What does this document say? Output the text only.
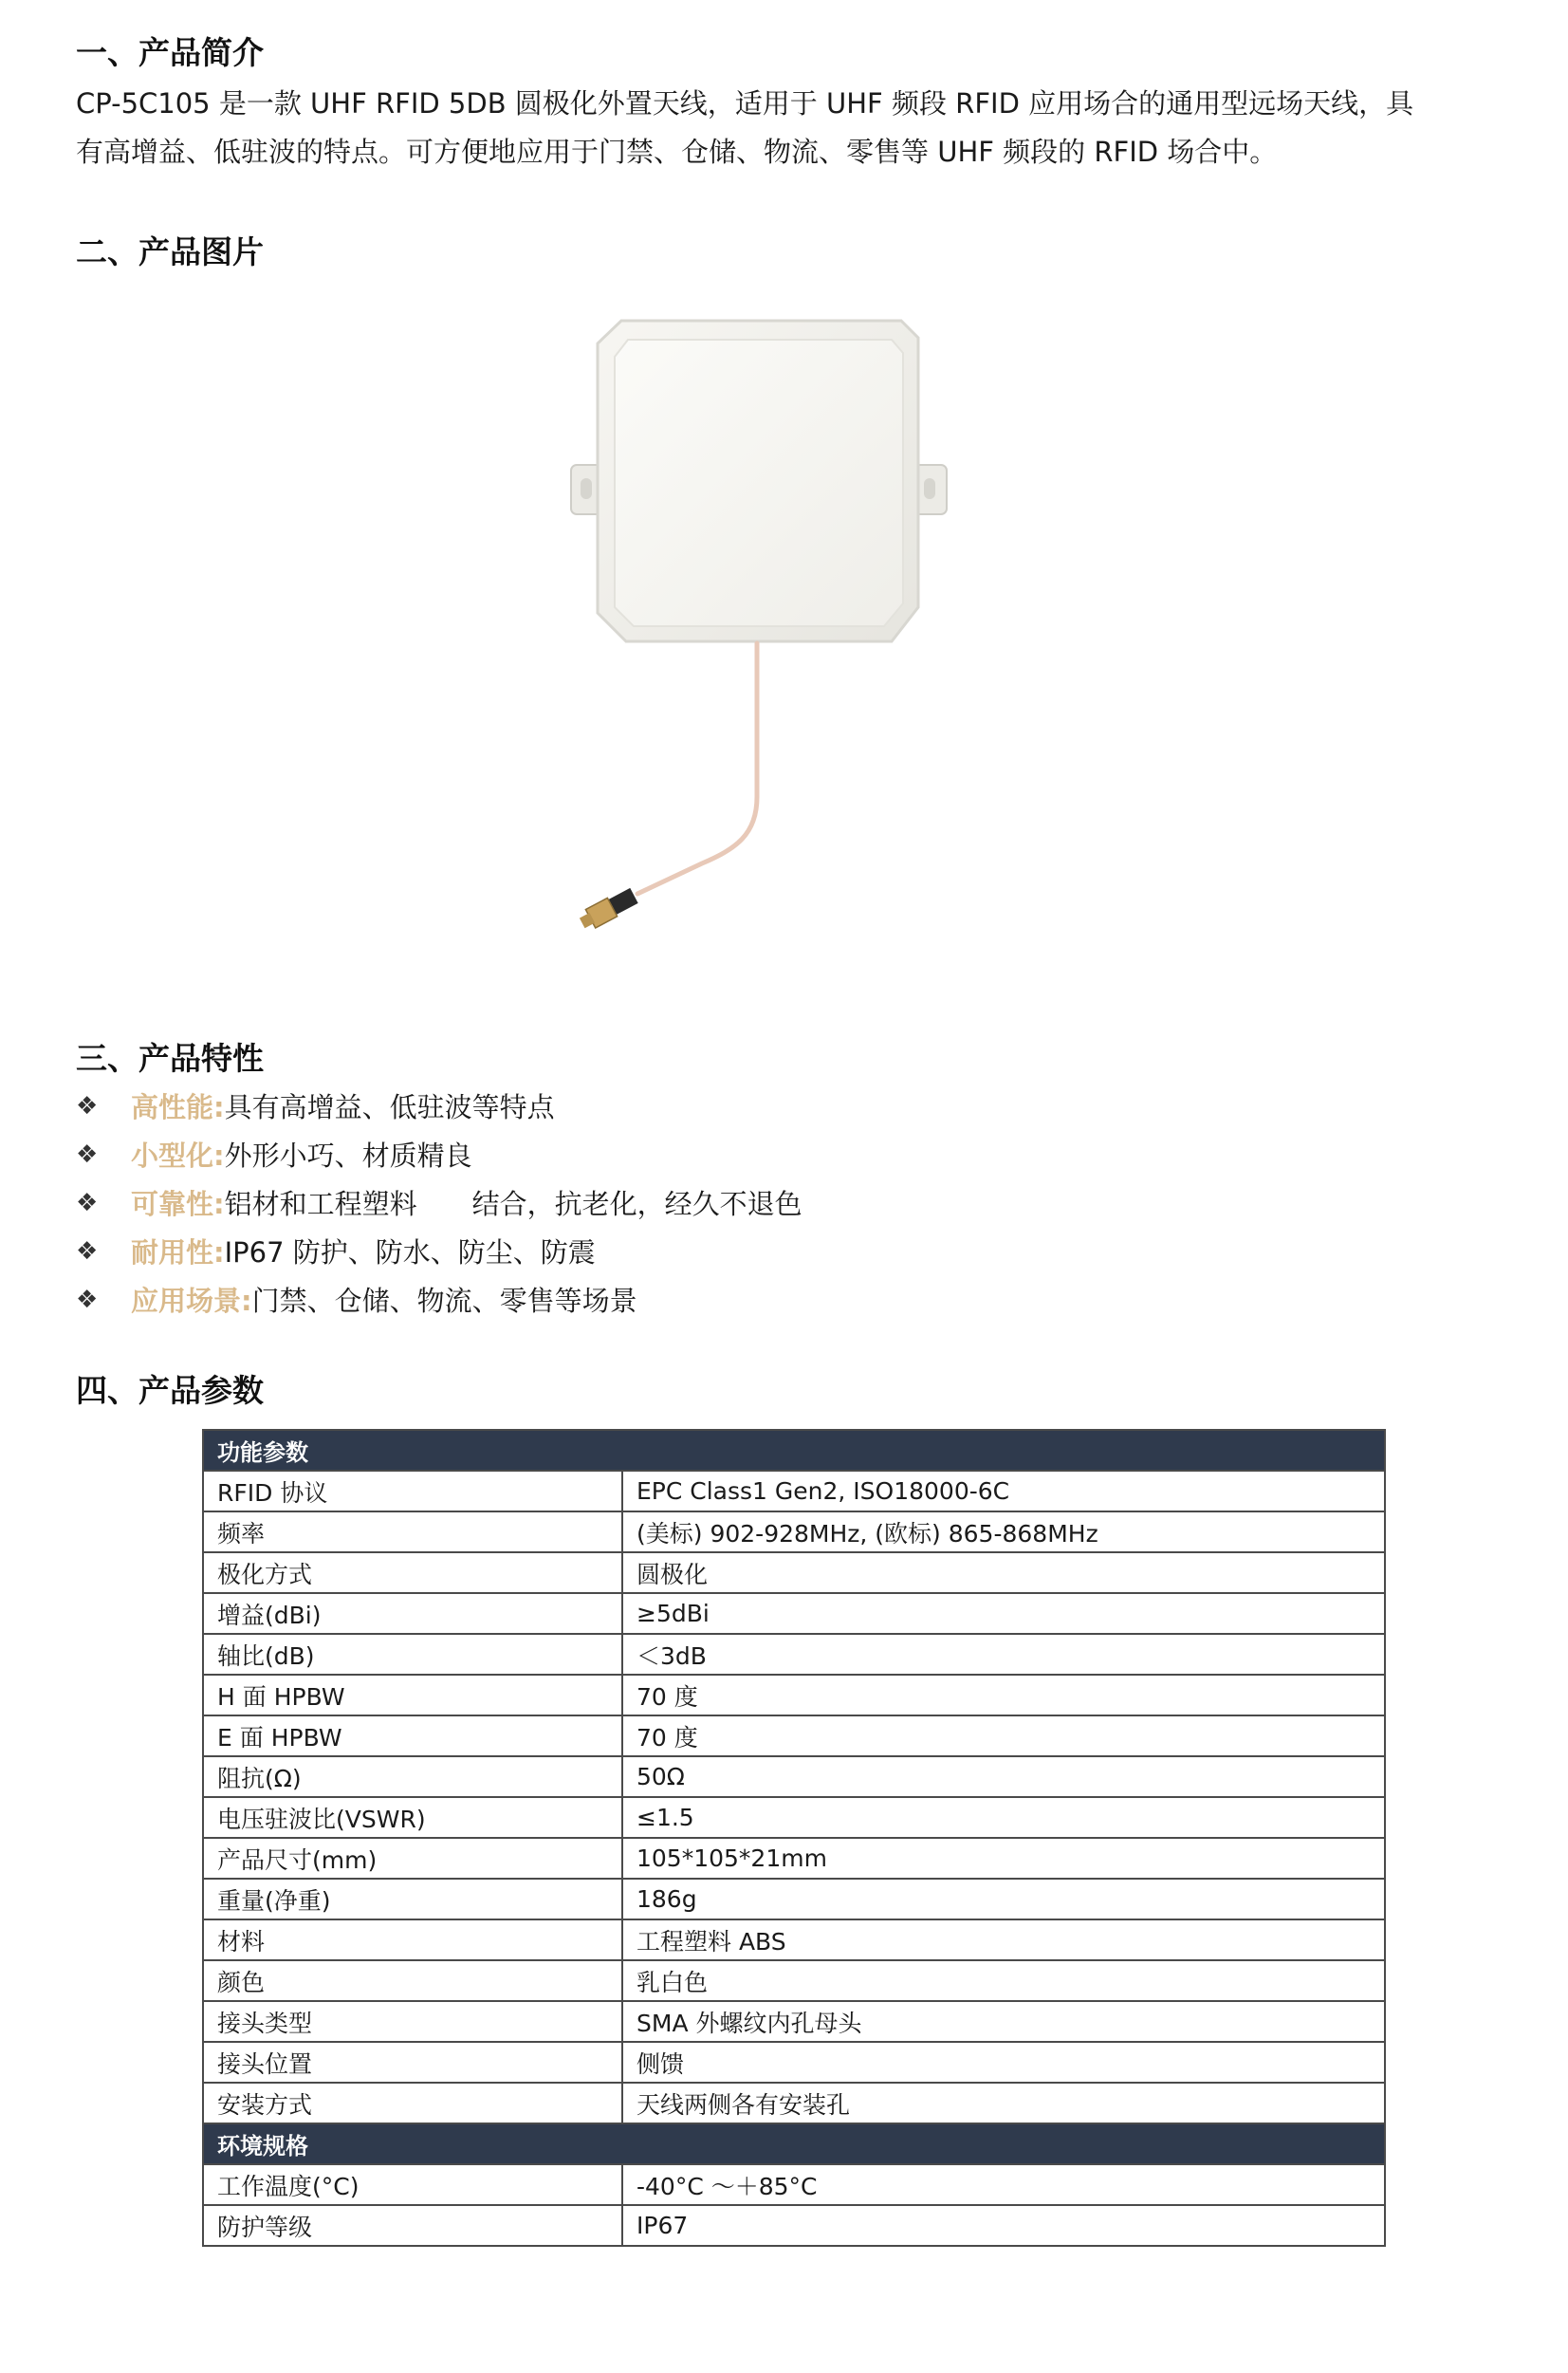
一、产品简介

CP-5C105 是一款 UHF RFID 5DB 圆极化外置天线，适用于 UHF 频段 RFID 应用场合的通用型远场天线，具

有高增益、低驻波的特点。可方便地应用于门禁、仓储、物流、零售等 UHF 频段的 RFID 场合中。

二、产品图片
三、产品特性
❖	高性能: 具有高增益、低驻波等特点
❖	小型化: 外形小巧、材质精良
❖	可靠性: 铝材和工程塑料　　结合，抗老化，经久不退色
❖	耐用性: IP67 防护、防水、防尘、防震
❖	应用场景: 门禁、仓储、物流、零售等场景
四、产品参数
功能参数	
RFID 协议	EPC Class1 Gen2, ISO18000-6C
频率	(美标) 902-928MHz, (欧标) 865-868MHz
极化方式	圆极化
增益(dBi)	≥5dBi
轴比(dB)	＜3dB
H 面 HPBW	70 度
E 面 HPBW	70 度
阻抗(Ω)	50Ω
电压驻波比(VSWR)	≤1.5
产品尺寸(mm)	105*105*21mm
重量(净重)	186g
材料	工程塑料 ABS
颜色	乳白色
接头类型	SMA 外螺纹内孔母头
接头位置	侧馈
安装方式	天线两侧各有安装孔
环境规格	
工作温度(°C)	-40°C ～＋85°C
防护等级	IP67
